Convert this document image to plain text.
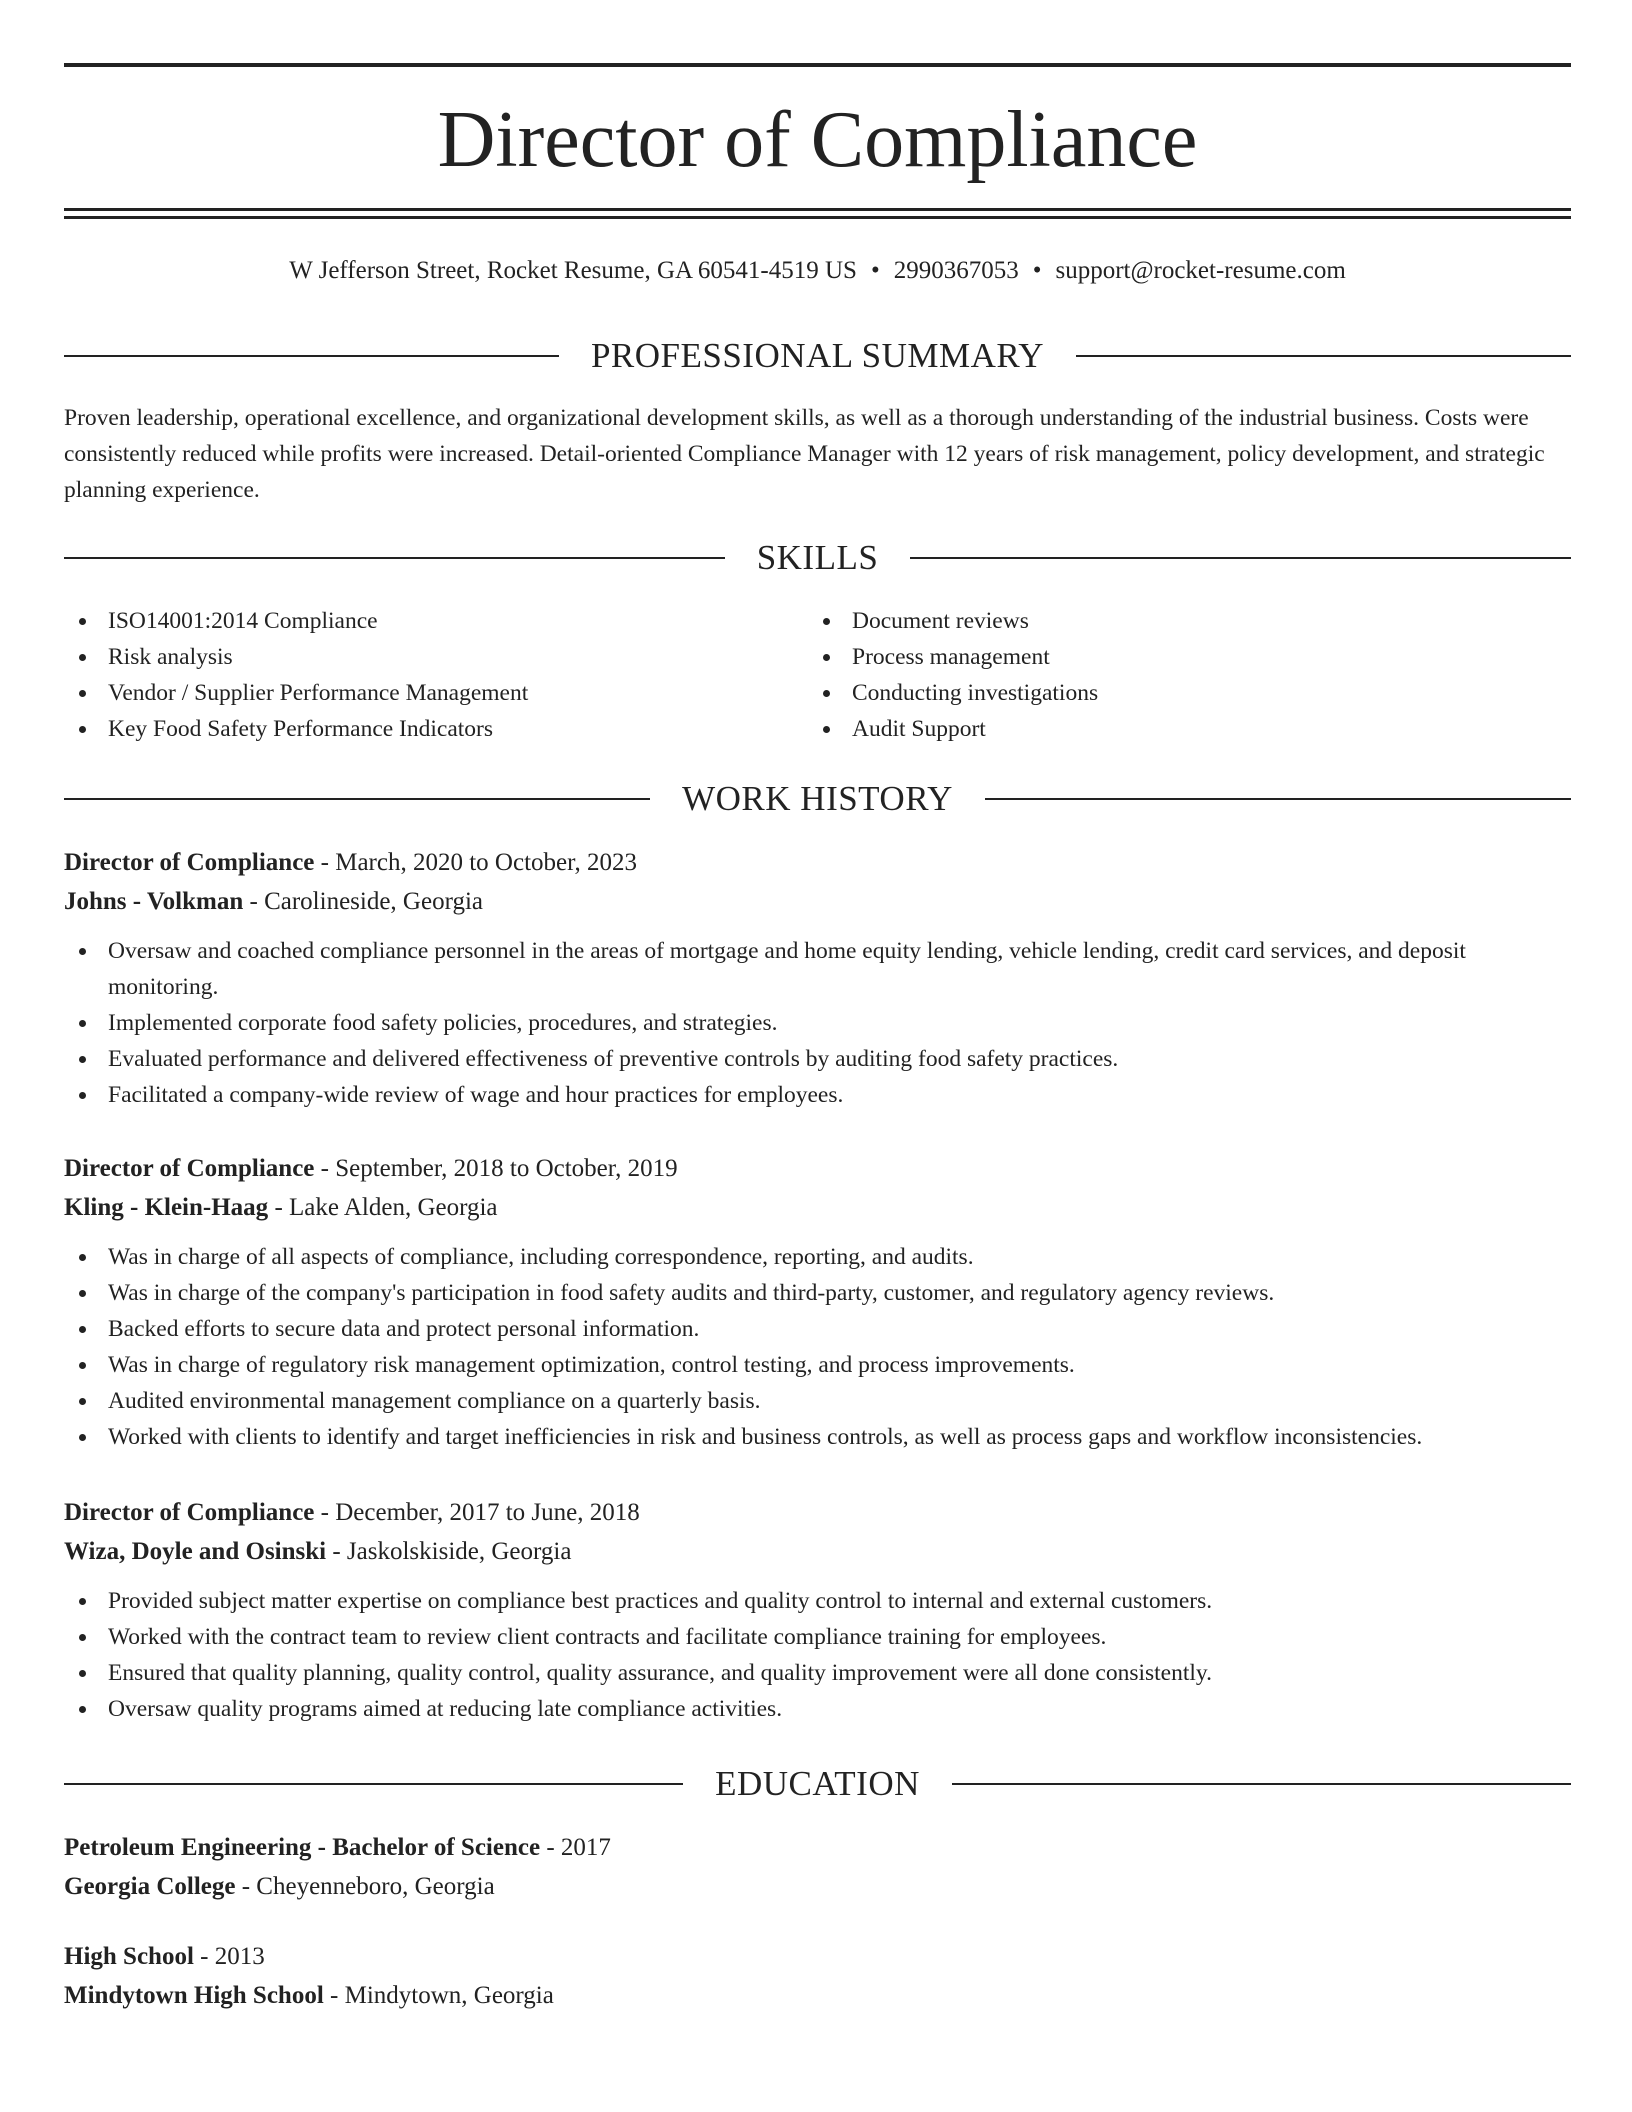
Director of Compliance
W Jefferson Street, Rocket Resume, GA 60541-4519 US • 2990367053 • support@rocket-resume.com
PROFESSIONAL SUMMARY

Proven leadership, operational excellence, and organizational development skills, as well as a thorough understanding of the industrial business. Costs were consistently reduced while profits were increased. Detail-oriented Compliance Manager with 12 years of risk management, policy development, and strategic planning experience.

SKILLS
ISO14001:2014 Compliance
Risk analysis
Vendor / Supplier Performance Management
Key Food Safety Performance Indicators
Document reviews
Process management
Conducting investigations
Audit Support
WORK HISTORY
Director of Compliance - March, 2020 to October, 2023
Johns - Volkman - Carolineside, Georgia
Oversaw and coached compliance personnel in the areas of mortgage and home equity lending, vehicle lending, credit card services, and deposit monitoring.
Implemented corporate food safety policies, procedures, and strategies.
Evaluated performance and delivered effectiveness of preventive controls by auditing food safety practices.
Facilitated a company-wide review of wage and hour practices for employees.
Director of Compliance - September, 2018 to October, 2019
Kling - Klein-Haag - Lake Alden, Georgia
Was in charge of all aspects of compliance, including correspondence, reporting, and audits.
Was in charge of the company's participation in food safety audits and third-party, customer, and regulatory agency reviews.
Backed efforts to secure data and protect personal information.
Was in charge of regulatory risk management optimization, control testing, and process improvements.
Audited environmental management compliance on a quarterly basis.
Worked with clients to identify and target inefficiencies in risk and business controls, as well as process gaps and workflow inconsistencies.
Director of Compliance - December, 2017 to June, 2018
Wiza, Doyle and Osinski - Jaskolskiside, Georgia
Provided subject matter expertise on compliance best practices and quality control to internal and external customers.
Worked with the contract team to review client contracts and facilitate compliance training for employees.
Ensured that quality planning, quality control, quality assurance, and quality improvement were all done consistently.
Oversaw quality programs aimed at reducing late compliance activities.
EDUCATION
Petroleum Engineering - Bachelor of Science - 2017
Georgia College - Cheyenneboro, Georgia
High School - 2013
Mindytown High School - Mindytown, Georgia
